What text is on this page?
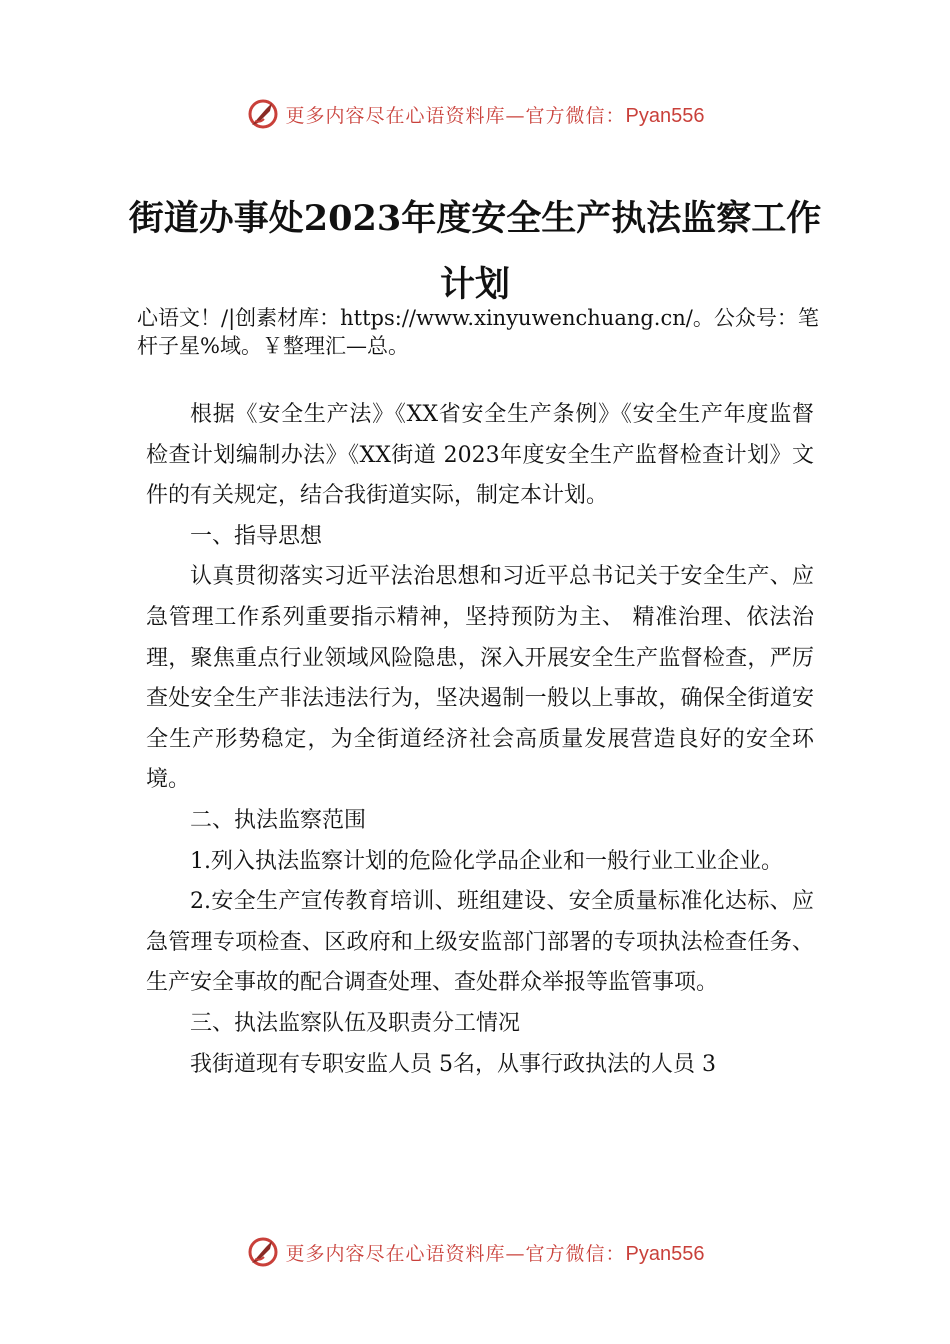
更多内容尽在心语资料库—官方微信：Pyan556
街道办事处2023年度安全生产执法监察工作计划

心语文！/|创素材库：https://www.xinyuwenchuang.cn/。公众号：笔杆子星%域。￥整理汇—总。

根据《安全生产法》《XX省安全生产条例》《安全生产年度监督检查计划编制办法》《XX街道 2023年度安全生产监督检查计划》文件的有关规定，结合我街道实际，制定本计划。

一、指导思想

认真贯彻落实习近平法治思想和习近平总书记关于安全生产、应急管理工作系列重要指示精神，坚持预防为主、 精准治理、依法治理，聚焦重点行业领域风险隐患，深入开展安全生产监督检查，严厉查处安全生产非法违法行为，坚决遏制一般以上事故，确保全街道安全生产形势稳定，为全街道经济社会高质量发展营造良好的安全环境。

二、执法监察范围

1.列入执法监察计划的危险化学品企业和一般行业工业企业。

2.安全生产宣传教育培训、班组建设、安全质量标准化达标、应急管理专项检查、区政府和上级安监部门部署的专项执法检查任务、生产安全事故的配合调查处理、查处群众举报等监管事项。

三、执法监察队伍及职责分工情况

我街道现有专职安监人员 5名，从事行政执法的人员 3

更多内容尽在心语资料库—官方微信：Pyan556
